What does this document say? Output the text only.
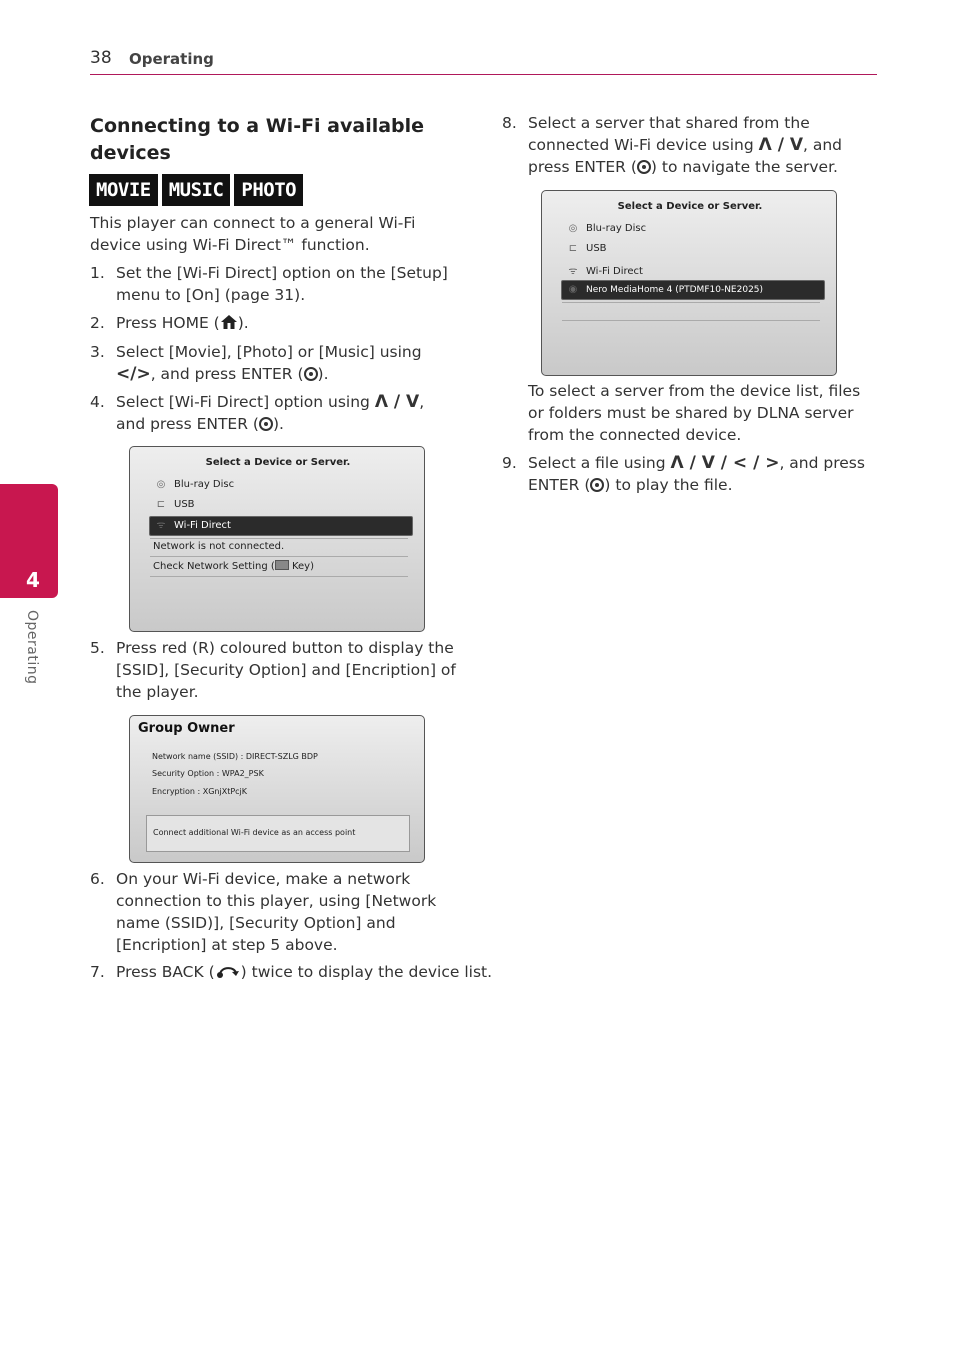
38 Operating
4
Operating
Connecting to a Wi-Fi available devices
MOVIE MUSIC PHOTO
This player can connect to a general Wi-Fi device using Wi-Fi Direct™ function.
1. Set the [Wi-Fi Direct] option on the [Setup] menu to [On] (page 31).
2. Press HOME ( ).
3. Select [Movie], [Photo] or [Music] using </>, and press ENTER ( ).
4. Select [Wi-Fi Direct] option using Λ / V, and press ENTER ( ).
Select a Device or Server.
◎ Blu-ray Disc
⊏ USB
ᯤ Wi-Fi Direct
Network is not connected.
Check Network Setting ( Key)
5. Press red (R) coloured button to display the [SSID], [Security Option] and [Encription] of the player.
Group Owner
Network name (SSID) : DIRECT-SZLG BDP
Security Option : WPA2_PSK
Encryption : XGnjXtPcjK
Connect additional Wi-Fi device as an access point
6. On your Wi-Fi device, make a network connection to this player, using [Network name (SSID)], [Security Option] and [Encription] at step 5 above.
7. Press BACK ( ) twice to display the device list.
8. Select a server that shared from the connected Wi-Fi device using Λ / V, and press ENTER ( ) to navigate the server.
Select a Device or Server.
◎ Blu-ray Disc
⊏ USB
ᯤ Wi-Fi Direct
◉ Nero MediaHome 4 (PTDMF10-NE2025)
To select a server from the device list, files or folders must be shared by DLNA server from the connected device.
9. Select a file using Λ / V / < / >, and press ENTER ( ) to play the file.
